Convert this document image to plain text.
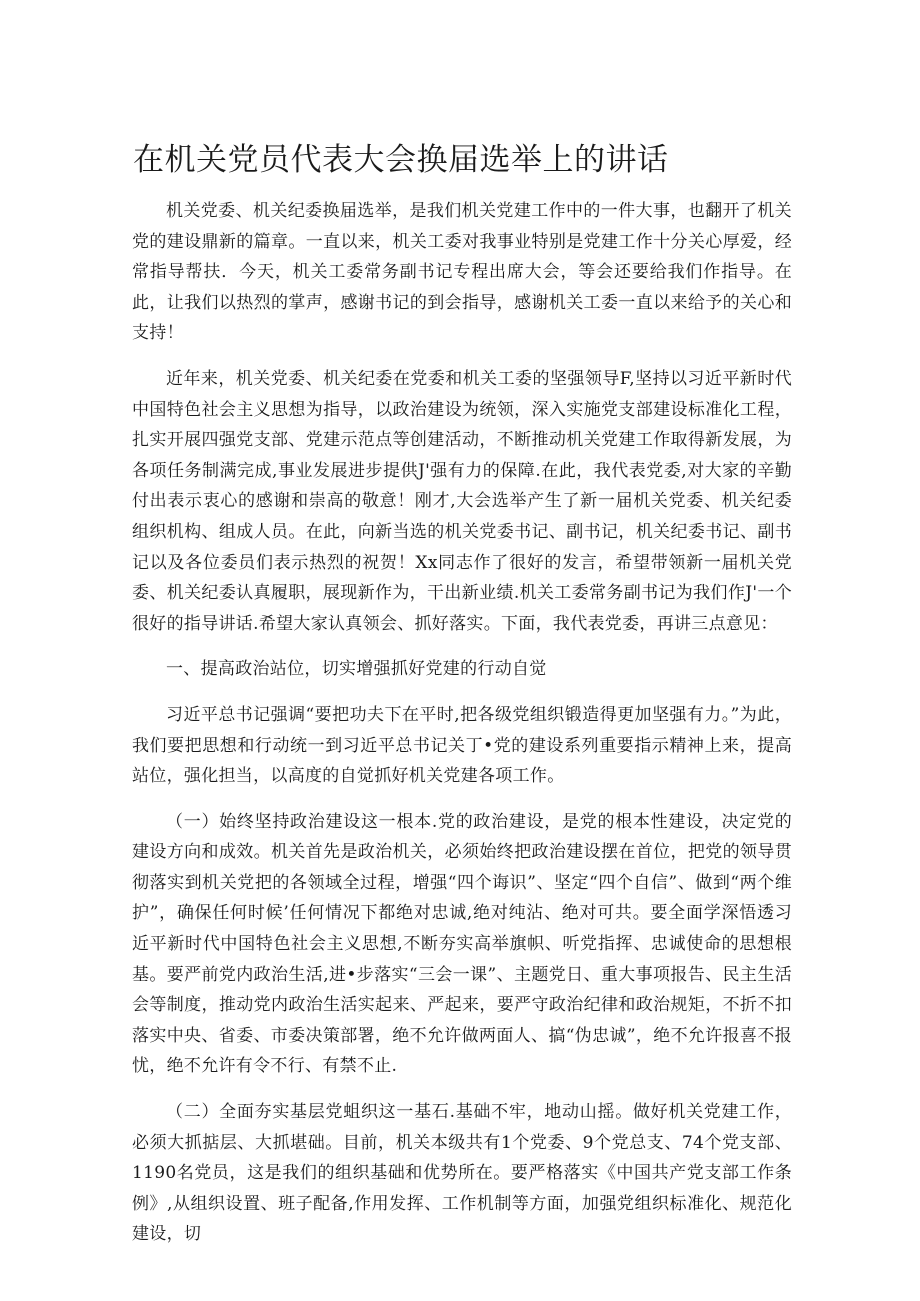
在机关党员代表大会换届选举上的讲话

机关党委、机关纪委换届选举，是我们机关党建工作中的一件大事，也翻开了机关党的建设鼎新的篇章。一直以来，机关工委对我事业特别是党建工作十分关心厚爱，经常指导帮扶．今天，机关工委常务副书记专程出席大会，等会还要给我们作指导。在此，让我们以热烈的掌声，感谢书记的到会指导，感谢机关工委一直以来给予的关心和支持！

近年来，机关党委、机关纪委在党委和机关工委的坚强领导F,坚持以习近平新时代中国特色社会主义思想为指导，以政治建设为统领，深入实施党支部建设标准化工程，扎实开展四强党支部、党建示范点等创建活动，不断推动机关党建工作取得新发展，为各项任务制满完成,事业发展进步提供J'强有力的保障.在此，我代表党委,对大家的辛勤付出表示衷心的感谢和崇高的敬意！刚才,大会选举产生了新一届机关党委、机关纪委组织机构、组成人员。在此，向新当选的机关党委书记、副书记，机关纪委书记、副书记以及各位委员们表示热烈的祝贺！Xx同志作了很好的发言，希望带领新一届机关党委、机关纪委认真履职，展现新作为，干出新业绩.机关工委常务副书记为我们作J'一个很好的指导讲话.希望大家认真领会、抓好落实。下面，我代表党委，再讲三点意见：

一、提高政治站位，切实增强抓好党建的行动自觉

习近平总书记强调“要把功夫下在平时,把各级党组织锻造得更加坚强有力。”为此，我们要把思想和行动统一到习近平总书记关丁•党的建设系列重要指示精神上来，提高站位，强化担当，以高度的自觉抓好机关党建各项工作。

（一）始终坚持政治建设这一根本.党的政治建设，是党的根本性建设，决定党的建设方向和成效。机关首先是政治机关，必须始终把政治建设摆在首位，把党的领导贯彻落实到机关党把的各领域全过程，增强“四个诲识”、坚定“四个自信”、做到“两个维护”，确保任何时候’任何情况下都绝对忠诚,绝对纯沾、绝对可共。要全面学深悟透习近平新时代中国特色社会主义思想,不断夯实高举旗帜、听党指挥、忠诚使命的思想根基。要严前党内政治生活,进•步落实“三会一课”、主题党日、重大事项报告、民主生活会等制度，推动党内政治生活实起来、严起来，要严守政治纪律和政治规矩，不折不扣落实中央、省委、市委决策部署，绝不允许做两面人、搞“伪忠诚”，绝不允许报喜不报忧，绝不允许有令不行、有禁不止.

（二）全面夯实基层党蛆织这一基石.基础不牢，地动山摇。做好机关党建工作，必须大抓掂层、大抓堪础。目前，机关本级共有1个党委、9个党总支、74个党支部、1190名党员，这是我们的组织基础和优势所在。要严格落实《中国共产党支部工作条例》,从组织设置、班子配备,作用发挥、工作机制等方面，加强党组织标准化、规范化建设，切
